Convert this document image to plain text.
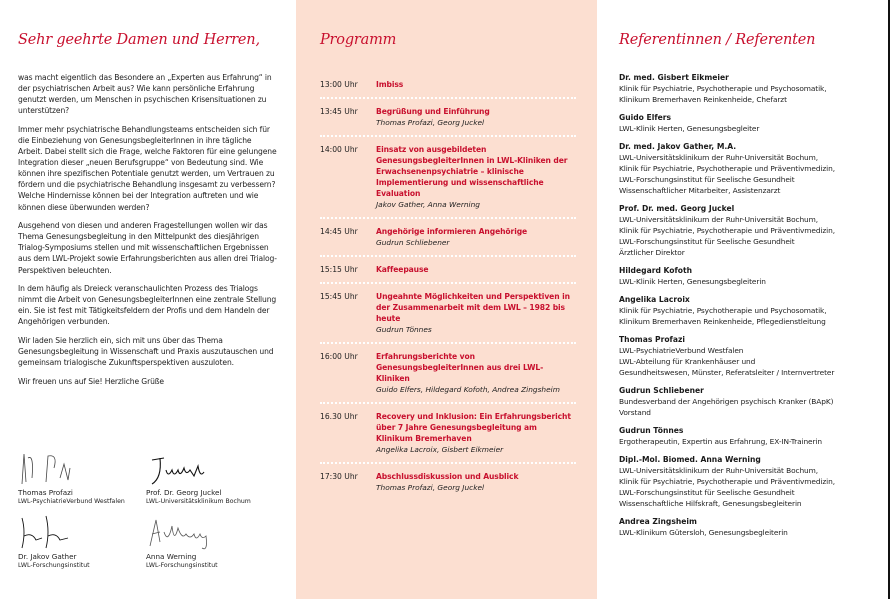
Sehr geehrte Damen und Herren,

was macht eigentlich das Besondere an „Experten aus Erfahrung“ in der psychiatrischen Arbeit aus? Wie kann persönliche Erfahrung genutzt werden, um Menschen in psychischen Krisensituationen zu unterstützen?

Immer mehr psychiatrische Behandlungsteams entscheiden sich für die Einbeziehung von GenesungsbegleiterInnen in ihre tägliche Arbeit. Dabei stellt sich die Frage, welche Faktoren für eine gelungene Integration dieser „neuen Berufsgruppe“ von Bedeutung sind. Wie können ihre spezifischen Potentiale genutzt werden, um Vertrauen zu fördern und die psychiatrische Behandlung insgesamt zu verbessern? Welche Hindernisse können bei der Integration auftreten und wie können diese überwunden werden?

Ausgehend von diesen und anderen Fragestellungen wollen wir das Thema Genesungsbegleitung in den Mittelpunkt des diesjährigen Trialog-Symposiums stellen und mit wissenschaftlichen Ergebnissen aus dem LWL-Projekt sowie Erfahrungsberichten aus allen drei Trialog-Perspektiven beleuchten.

In dem häufig als Dreieck veranschaulichten Prozess des Trialogs nimmt die Arbeit von GenesungsbegleiterInnen eine zentrale Stellung ein. Sie ist fest mit Tätigkeitsfeldern der Profis und dem Handeln der Angehörigen verbunden.

Wir laden Sie herzlich ein, sich mit uns über das Thema Genesungsbegleitung in Wissenschaft und Praxis auszutauschen und gemeinsam trialogische Zukunftsperspektiven auszuloten.

Wir freuen uns auf Sie! Herzliche Grüße

Thomas Profazi
LWL-PsychiatrieVerbund Westfalen
Prof. Dr. Georg Juckel
LWL-Universitätsklinikum Bochum
Dr. Jakov Gather
LWL-Forschungsinstitut
Anna Werning
LWL-Forschungsinstitut
Programm
13:00 Uhr	Imbiss
13:45 Uhr	Begrüßung und Einführung
Thomas Profazi, Georg Juckel
14:00 Uhr	Einsatz von ausgebildeten GenesungsbegleiterInnen in LWL-Kliniken der Erwachsenenpsychiatrie – klinische Implementierung und wissenschaftliche Evaluation
Jakov Gather, Anna Werning
14:45 Uhr	Angehörige informieren Angehörige
Gudrun Schliebener
15:15 Uhr	Kaffeepause
15:45 Uhr	Ungeahnte Möglichkeiten und Perspektiven in der Zusammenarbeit mit dem LWL – 1982 bis heute
Gudrun Tönnes
16:00 Uhr	Erfahrungsberichte von GenesungsbegleiterInnen aus drei LWL-Kliniken
Guido Elfers, Hildegard Kofoth, Andrea Zingsheim
16.30 Uhr	Recovery und Inklusion: Ein Erfahrungsbericht über 7 Jahre Genesungsbegleitung am Klinikum Bremerhaven
Angelika Lacroix, Gisbert Eikmeier
17:30 Uhr	Abschlussdiskussion und Ausblick
Thomas Profazi, Georg Juckel
Referentinnen / Referenten
Dr. med. Gisbert Eikmeier
Klinik für Psychiatrie, Psychotherapie und Psychosomatik,
Klinikum Bremerhaven Reinkenheide, Chefarzt
Guido Elfers
LWL-Klinik Herten, Genesungsbegleiter
Dr. med. Jakov Gather, M.A.
LWL-Universitätsklinikum der Ruhr-Universität Bochum,
Klinik für Psychiatrie, Psychotherapie und Präventivmedizin,
LWL-Forschungsinstitut für Seelische Gesundheit
Wissenschaftlicher Mitarbeiter, Assistenzarzt
Prof. Dr. med. Georg Juckel
LWL-Universitätsklinikum der Ruhr-Universität Bochum,
Klinik für Psychiatrie, Psychotherapie und Präventivmedizin,
LWL-Forschungsinstitut für Seelische Gesundheit
Ärztlicher Direktor
Hildegard Kofoth
LWL-Klinik Herten, Genesungsbegleiterin
Angelika Lacroix
Klinik für Psychiatrie, Psychotherapie und Psychosomatik,
Klinikum Bremerhaven Reinkenheide, Pflegedienstleitung
Thomas Profazi
LWL-PsychiatrieVerbund Westfalen
LWL-Abteilung für Krankenhäuser und
Gesundheitswesen, Münster, Referatsleiter / Internvertreter
Gudrun Schliebener
Bundesverband der Angehörigen psychisch Kranker (BApK)
Vorstand
Gudrun Tönnes
Ergotherapeutin, Expertin aus Erfahrung, EX-IN-Trainerin
Dipl.-Mol. Biomed. Anna Werning
LWL-Universitätsklinikum der Ruhr-Universität Bochum,
Klinik für Psychiatrie, Psychotherapie und Präventivmedizin,
LWL-Forschungsinstitut für Seelische Gesundheit
Wissenschaftliche Hilfskraft, Genesungsbegleiterin
Andrea Zingsheim
LWL-Klinikum Gütersloh, Genesungsbegleiterin
